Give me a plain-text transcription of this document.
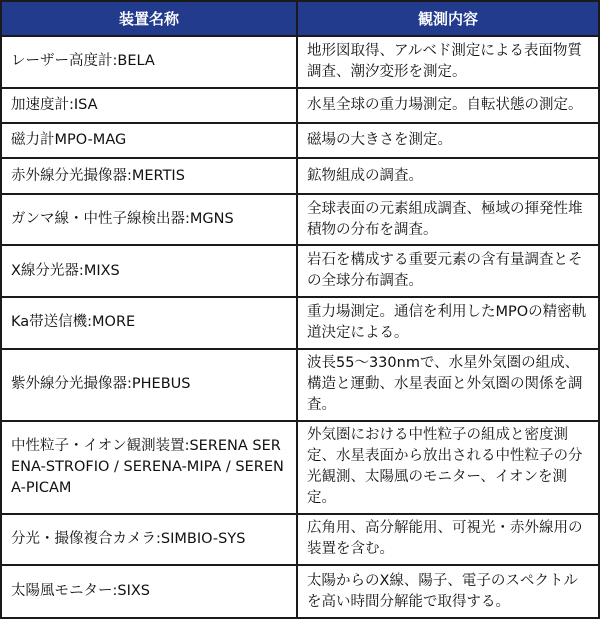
装置名称	観測内容
レーザー高度計:BELA	地形図取得、アルベド測定による表面物質調査、潮汐変形を測定。
加速度計:ISA	水星全球の重力場測定。自転状態の測定。
磁力計MPO-MAG	磁場の大きさを測定。
赤外線分光撮像器:MERTIS	鉱物組成の調査。
ガンマ線・中性子線検出器:MGNS	全球表面の元素組成調査、極域の揮発性堆積物の分布を調査。
X線分光器:MIXS	岩石を構成する重要元素の含有量調査とその全球分布調査。
Ka帯送信機:MORE	重力場測定。通信を利用したMPOの精密軌道決定による。
紫外線分光撮像器:PHEBUS	波長55〜330nmで、水星外気圏の組成、構造と運動、水星表面と外気圏の関係を調査。
中性粒子・イオン観測装置:SERENA SERENA-STROFIO / SERENA-MIPA / SERENA-PICAM	外気圏における中性粒子の組成と密度測定、水星表面から放出される中性粒子の分光観測、太陽風のモニター、イオンを測定。
分光・撮像複合カメラ:SIMBIO-SYS	広角用、高分解能用、可視光・赤外線用の装置を含む。
太陽風モニター:SIXS	太陽からのX線、陽子、電子のスペクトルを高い時間分解能で取得する。
